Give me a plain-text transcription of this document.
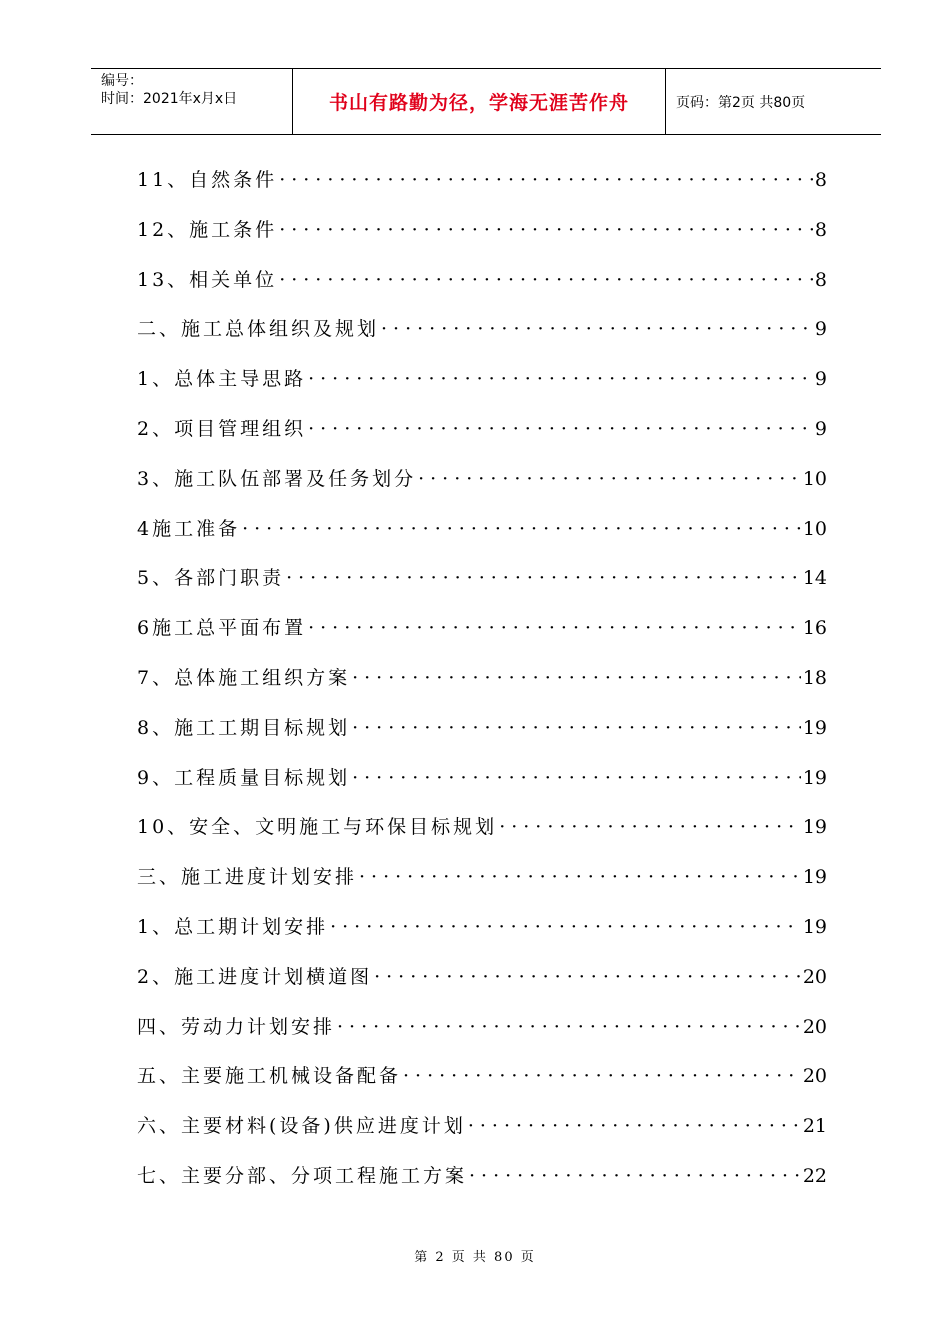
编号：
时间：2021年x月x日	书山有路勤为径，学海无涯苦作舟	页码：第2页 共80页
11、自然条件 ·····	8
12、施工条件 ·····	8
13、相关单位 ·····	8
二、施工总体组织及规划 ·····	9
1、总体主导思路 ·····	9
2、项目管理组织 ·····	9
3、施工队伍部署及任务划分 ·····	10
4施工准备 ·····	10
5、各部门职责 ·····	14
6施工总平面布置 ·····	16
7、总体施工组织方案 ·····	18
8、施工工期目标规划 ·····	19
9、工程质量目标规划 ·····	19
10、安全、文明施工与环保目标规划 ·····	19
三、施工进度计划安排 ·····	19
1、总工期计划安排 ·····	19
2、施工进度计划横道图 ·····	20
四、劳动力计划安排 ·····	20
五、主要施工机械设备配备 ·····	20
六、主要材料(设备)供应进度计划 ·····	21
七、主要分部、分项工程施工方案 ·····	22
第 2 页 共 80 页
